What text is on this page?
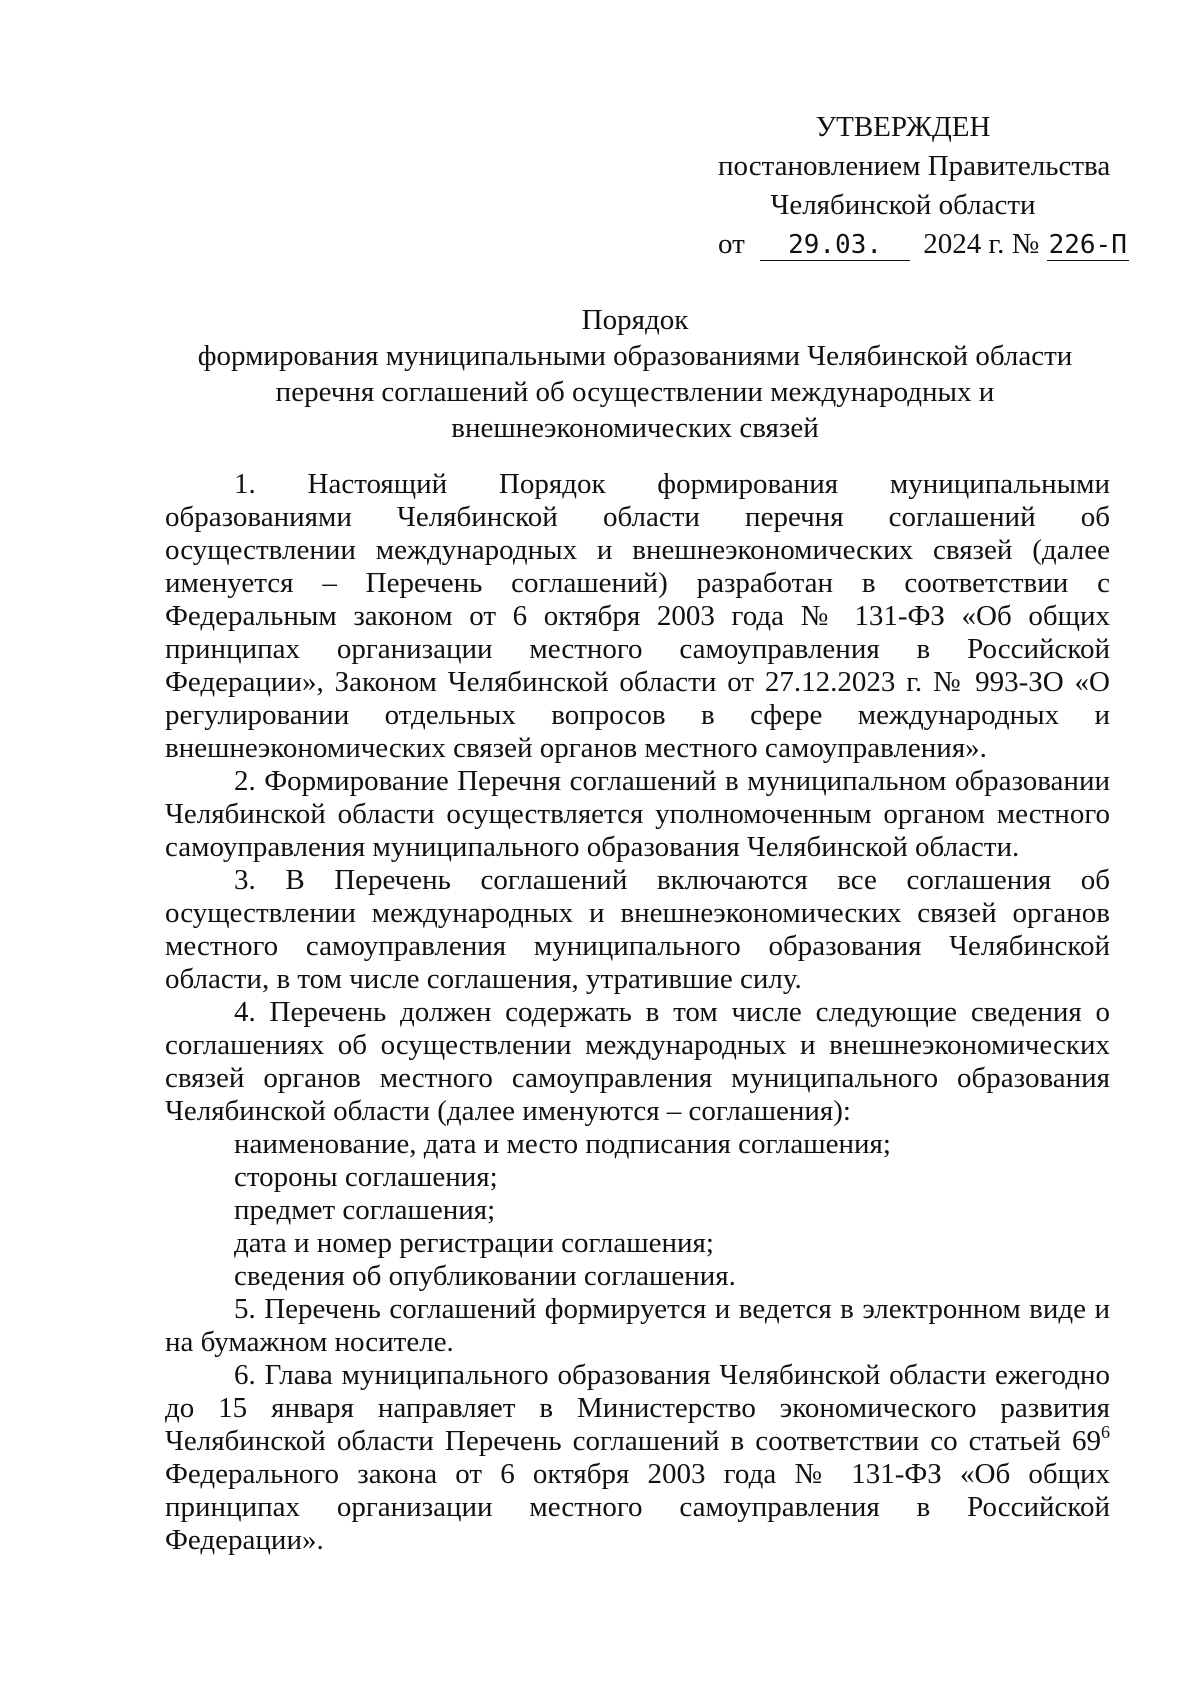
УТВЕРЖДЕН
постановлением Правительства
Челябинской области
от 29.03. 2024 г. № 226-П
Порядок
формирования муниципальными образованиями Челябинской области
перечня соглашений об осуществлении международных и
внешнеэкономических связей

1. Настоящий Порядок формирования муниципальными образованиями Челябинской области перечня соглашений об осуществлении международных и внешнеэкономических связей (далее именуется – Перечень соглашений) разработан в соответствии с Федеральным законом от 6 октября 2003 года № 131-ФЗ «Об общих принципах организации местного самоуправления в Российской Федерации», Законом Челябинской области от 27.12.2023 г. № 993-ЗО «О регулировании отдельных вопросов в сфере международных и внешнеэкономических связей органов местного самоуправления».

2. Формирование Перечня соглашений в муниципальном образовании Челябинской области осуществляется уполномоченным органом местного самоуправления муниципального образования Челябинской области.

3. В Перечень соглашений включаются все соглашения об осуществлении международных и внешнеэкономических связей органов местного самоуправления муниципального образования Челябинской области, в том числе соглашения, утратившие силу.

4. Перечень должен содержать в том числе следующие сведения о соглашениях об осуществлении международных и внешнеэкономических связей органов местного самоуправления муниципального образования Челябинской области (далее именуются – соглашения):

наименование, дата и место подписания соглашения;

стороны соглашения;

предмет соглашения;

дата и номер регистрации соглашения;

сведения об опубликовании соглашения.

5. Перечень соглашений формируется и ведется в электронном виде и на бумажном носителе.

6. Глава муниципального образования Челябинской области ежегодно до 15 января направляет в Министерство экономического развития Челябинской области Перечень соглашений в соответствии со статьей $69^6$ Федерального закона от 6 октября 2003 года № 131-ФЗ «Об общих принципах организации местного самоуправления в Российской Федерации».
